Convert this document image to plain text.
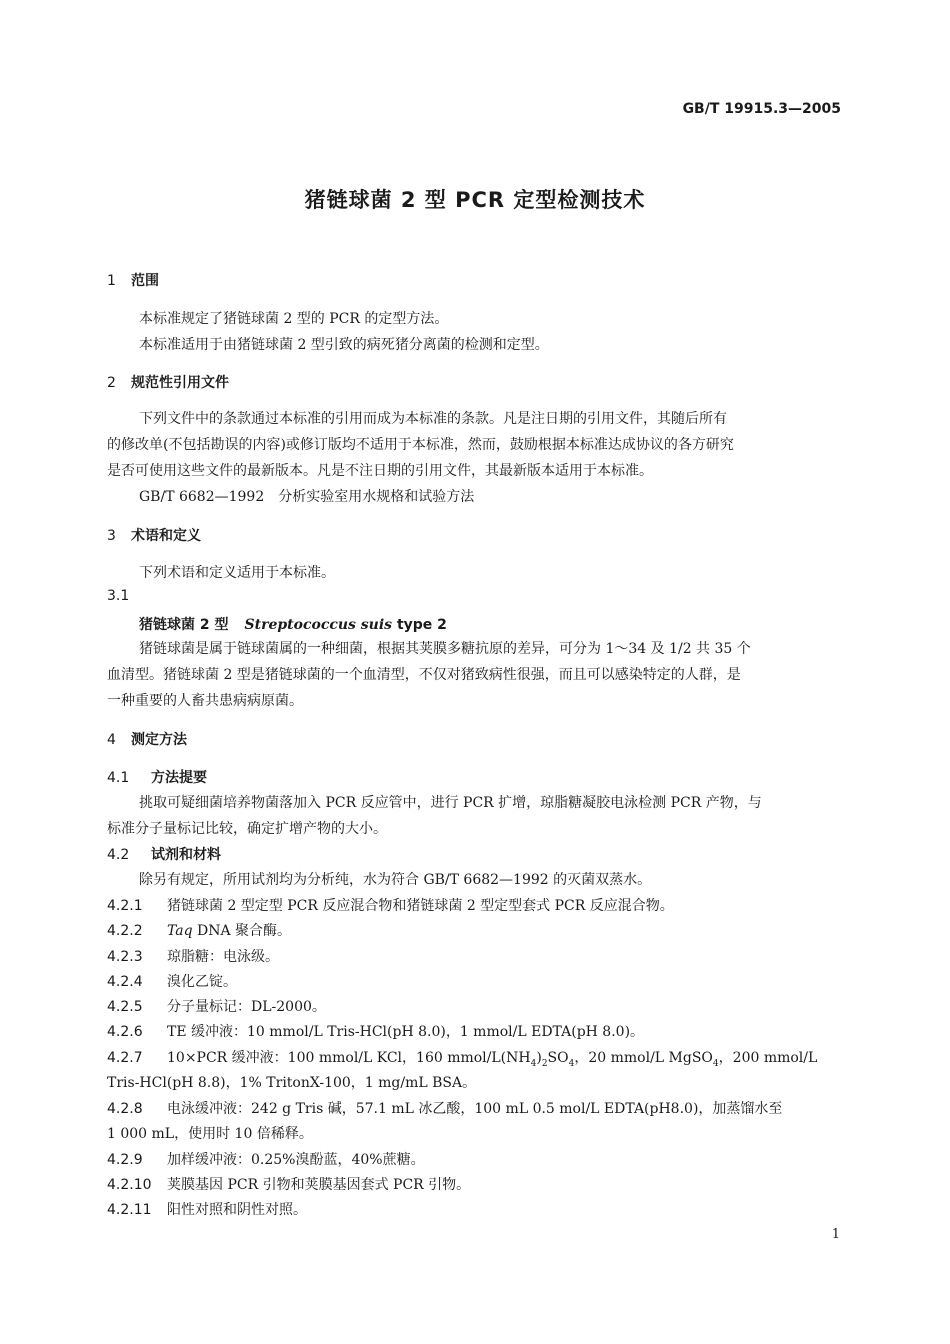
GB/T 19915.3—2005
猪链球菌 2 型 PCR 定型检测技术
1 范围
本标准规定了猪链球菌 2 型的 PCR 的定型方法。
本标准适用于由猪链球菌 2 型引致的病死猪分离菌的检测和定型。
2 规范性引用文件
下列文件中的条款通过本标准的引用而成为本标准的条款。凡是注日期的引用文件，其随后所有
的修改单(不包括勘误的内容)或修订版均不适用于本标准，然而，鼓励根据本标准达成协议的各方研究
是否可使用这些文件的最新版本。凡是不注日期的引用文件，其最新版本适用于本标准。
GB/T 6682—1992　分析实验室用水规格和试验方法
3 术语和定义
下列术语和定义适用于本标准。
3.1
猪链球菌 2 型 Streptococcus suis type 2
猪链球菌是属于链球菌属的一种细菌，根据其荚膜多糖抗原的差异，可分为 1～34 及 1/2 共 35 个
血清型。猪链球菌 2 型是猪链球菌的一个血清型，不仅对猪致病性很强，而且可以感染特定的人群，是
一种重要的人畜共患病病原菌。
4 测定方法
4.1 方法提要
挑取可疑细菌培养物菌落加入 PCR 反应管中，进行 PCR 扩增，琼脂糖凝胶电泳检测 PCR 产物，与
标准分子量标记比较，确定扩增产物的大小。
4.2 试剂和材料
除另有规定，所用试剂均为分析纯，水为符合 GB/T 6682—1992 的灭菌双蒸水。
4.2.1 猪链球菌 2 型定型 PCR 反应混合物和猪链球菌 2 型定型套式 PCR 反应混合物。
4.2.2 Taq DNA 聚合酶。
4.2.3 琼脂糖：电泳级。
4.2.4 溴化乙锭。
4.2.5 分子量标记：DL-2000。
4.2.6 TE 缓冲液：10 mmol/L Tris-HCl(pH 8.0)，1 mmol/L EDTA(pH 8.0)。
4.2.7 10×PCR 缓冲液：100 mmol/L KCl，160 mmol/$L(NH_4)_2SO_4$，20 mmol/L MgSO$_4$，200 mmol/L
Tris-HCl(pH 8.8)，1% TritonX-100，1 mg/mL BSA。
4.2.8 电泳缓冲液：242 g Tris 碱，57.1 mL 冰乙酸，100 mL 0.5 mol/L EDTA(pH8.0)，加蒸馏水至
1 000 mL，使用时 10 倍稀释。
4.2.9 加样缓冲液：0.25%溴酚蓝，40%蔗糖。
4.2.10 荚膜基因 PCR 引物和荚膜基因套式 PCR 引物。
4.2.11 阳性对照和阴性对照。
1
